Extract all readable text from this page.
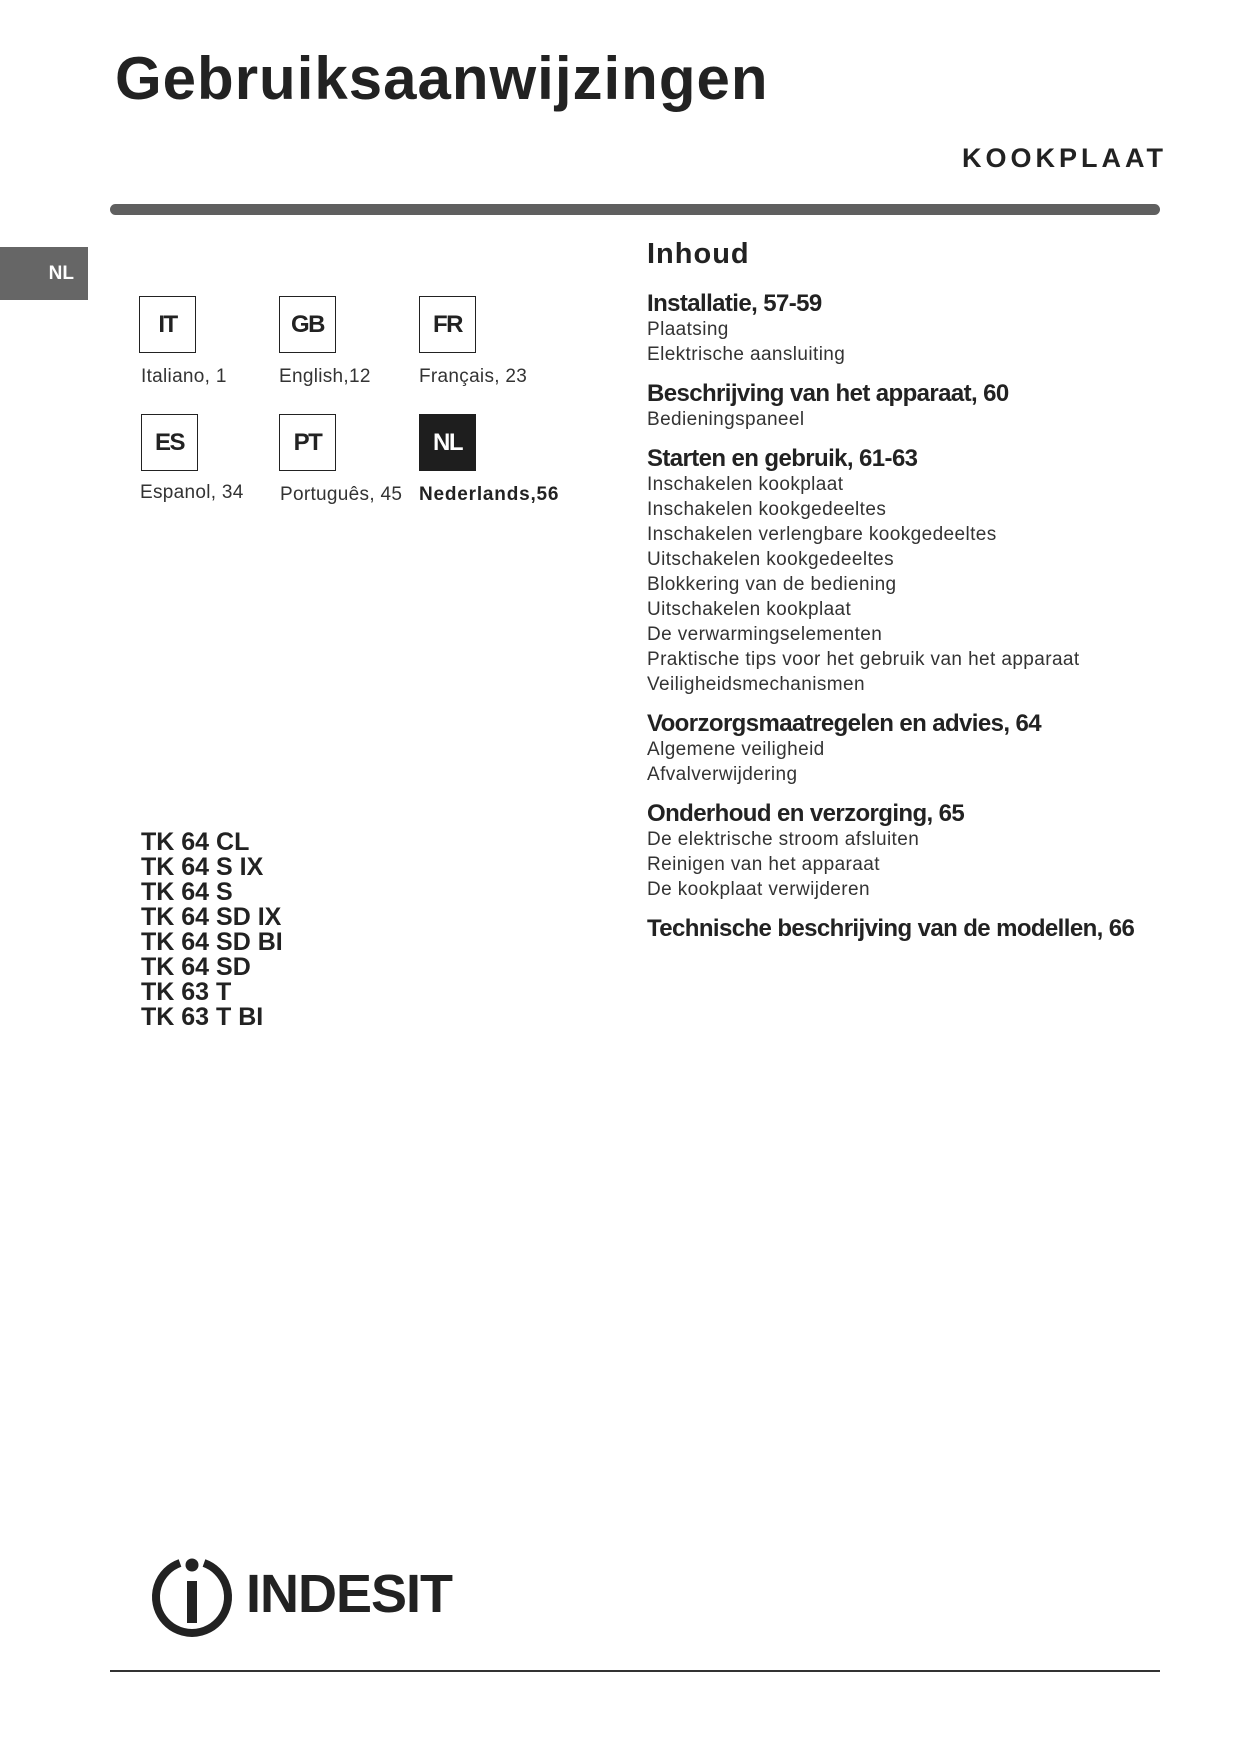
Gebruiksaanwijzingen
KOOKPLAAT
NL
IT
Italiano, 1
GB
English,12
FR
Français, 23
ES
Espanol, 34
PT
Português, 45
NL
Nederlands,56
TK 64 CL
TK 64 S IX
TK 64 S
TK 64 SD IX
TK 64 SD BI
TK 64 SD
TK 63 T
TK 63 T BI
Inhoud
Installatie, 57-59
Plaatsing
Elektrische aansluiting
Beschrijving van het apparaat, 60
Bedieningspaneel
Starten en gebruik, 61-63
Inschakelen kookplaat
Inschakelen kookgedeeltes
Inschakelen verlengbare kookgedeeltes
Uitschakelen kookgedeeltes
Blokkering van de bediening
Uitschakelen kookplaat
De verwarmingselementen
Praktische tips voor het gebruik van het apparaat
Veiligheidsmechanismen
Voorzorgsmaatregelen en advies, 64
Algemene veiligheid
Afvalverwijdering
Onderhoud en verzorging, 65
De elektrische stroom afsluiten
Reinigen van het apparaat
De kookplaat verwijderen
Technische beschrijving van de modellen, 66
INDESIT
